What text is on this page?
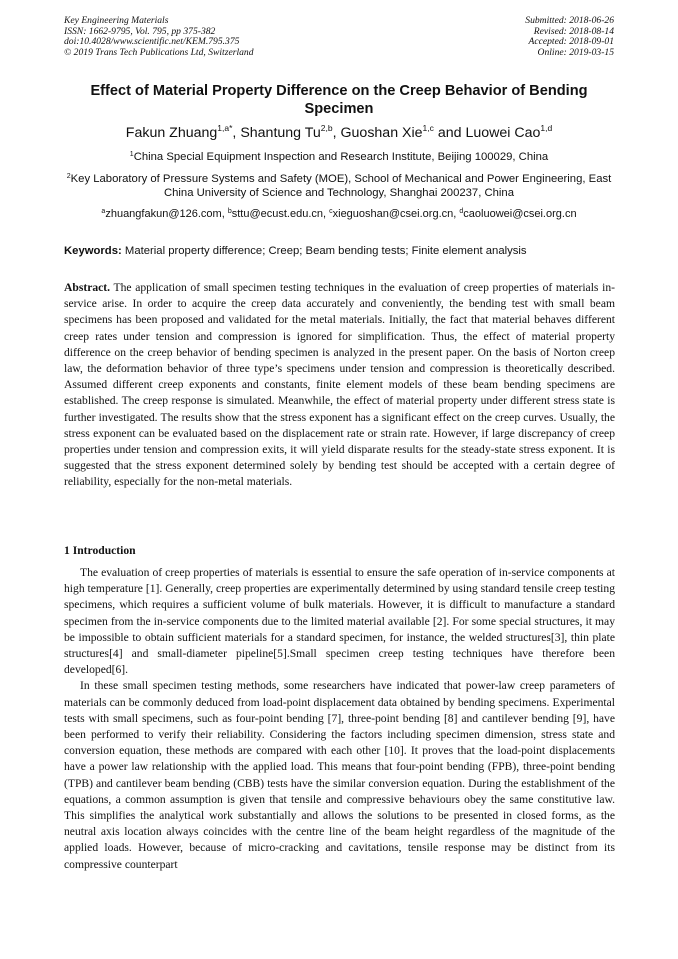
Key Engineering Materials
ISSN: 1662-9795, Vol. 795, pp 375-382
doi:10.4028/www.scientific.net/KEM.795.375
© 2019 Trans Tech Publications Ltd, Switzerland
Submitted: 2018-06-26
Revised: 2018-08-14
Accepted: 2018-09-01
Online: 2019-03-15
Effect of Material Property Difference on the Creep Behavior of Bending Specimen
Fakun Zhuang$^{1,a*}$, Shantung Tu$^{2,b}$, Guoshan Xie$^{1,c}$ and Luowei Cao$^{1,d}$
$^1$China Special Equipment Inspection and Research Institute, Beijing 100029, China
$^2$Key Laboratory of Pressure Systems and Safety (MOE), School of Mechanical and Power Engineering, East China University of Science and Technology, Shanghai 200237, China
$^a$zhuangfakun@126.com, $^b$sttu@ecust.edu.cn, $^c$xieguoshan@csei.org.cn, $^d$caoluowei@csei.org.cn
Keywords: Material property difference; Creep; Beam bending tests; Finite element analysis
Abstract. The application of small specimen testing techniques in the evaluation of creep properties of materials in-service arise. In order to acquire the creep data accurately and conveniently, the bending test with small beam specimens has been proposed and validated for the metal materials. Initially, the fact that material behaves different creep rates under tension and compression is ignored for simplification. Thus, the effect of material property difference on the creep behavior of bending specimen is analyzed in the present paper. On the basis of Norton creep law, the deformation behavior of three type’s specimens under tension and compression is theoretically described. Assumed different creep exponents and constants, finite element models of these beam bending specimens are established. The creep response is simulated. Meanwhile, the effect of material property under different stress state is further investigated. The results show that the stress exponent has a significant effect on the creep curves. Usually, the stress exponent can be evaluated based on the displacement rate or strain rate. However, if large discrepancy of creep properties under tension and compression exits, it will yield disparate results for the steady-state stress exponent. It is suggested that the stress exponent determined solely by bending test should be accepted with a certain degree of reliability, especially for the non-metal materials.
1 Introduction

The evaluation of creep properties of materials is essential to ensure the safe operation of in-service components at high temperature [1]. Generally, creep properties are experimentally determined by using standard tensile creep testing specimens, which requires a sufficient volume of bulk materials. However, it is difficult to manufacture a standard specimen from the in-service components due to the limited material available [2]. For some special structures, it may be impossible to obtain sufficient materials for a standard specimen, for instance, the welded structures[3], thin plate structures[4] and small-diameter pipeline[5].Small specimen creep testing techniques have therefore been developed[6].

In these small specimen testing methods, some researchers have indicated that power-law creep parameters of materials can be commonly deduced from load-point displacement data obtained by bending specimens. Experimental tests with small specimens, such as four-point bending [7], three-point bending [8] and cantilever bending [9], have been performed to verify their reliability. Considering the factors including specimen dimension, stress state and conversion equation, these methods are compared with each other [10]. It proves that the load-point displacements have a power law relationship with the applied load. This means that four-point bending (FPB), three-point bending (TPB) and cantilever beam bending (CBB) tests have the similar conversion equation. During the establishment of the equations, a common assumption is given that tensile and compressive behaviours obey the same constitutive law. This simplifies the analytical work substantially and allows the solutions to be presented in closed forms, as the neutral axis location always coincides with the centre line of the beam height regardless of the magnitude of the applied loads. However, because of micro-cracking and cavitations, tensile response may be distinct from its compressive counterpart
